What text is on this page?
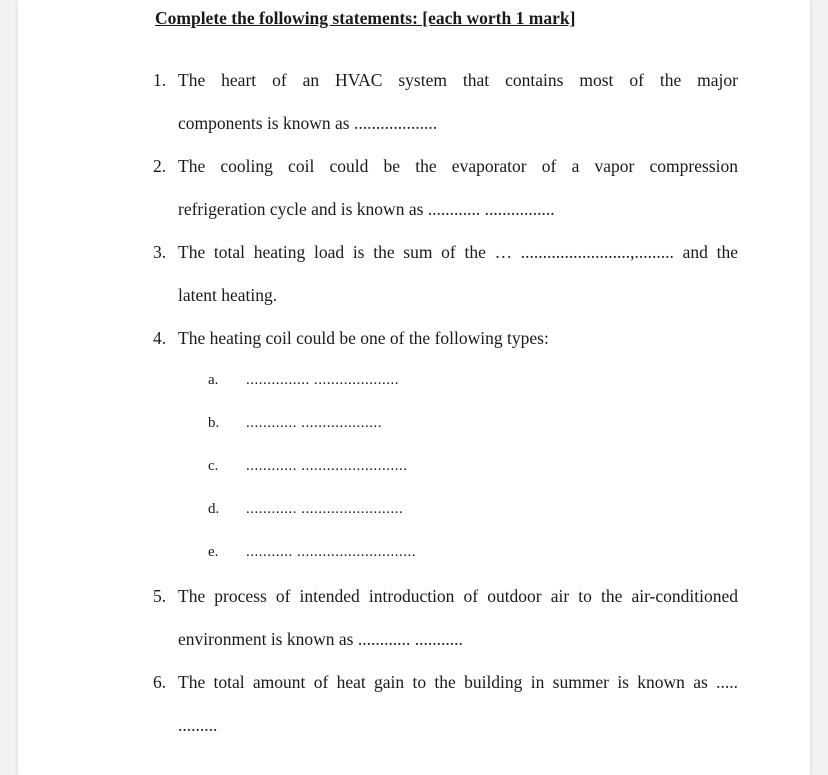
Complete the following statements: [each worth 1 mark]
1. The heart of an HVAC system that contains most of the major
components is known as ...................
2. The cooling coil could be the evaporator of a vapor compression
refrigeration cycle and is known as ............ ................
3. The total heating load is the sum of the … .........................,......... and the
latent heating.
4. The heating coil could be one of the following types:
a. ............... ....................
b. ............ ...................
c. ............ .........................
d. ............ ........................
e. ........... ............................
5. The process of intended introduction of outdoor air to the air-conditioned
environment is known as ............ ...........
6. The total amount of heat gain to the building in summer is known as .....
.........
